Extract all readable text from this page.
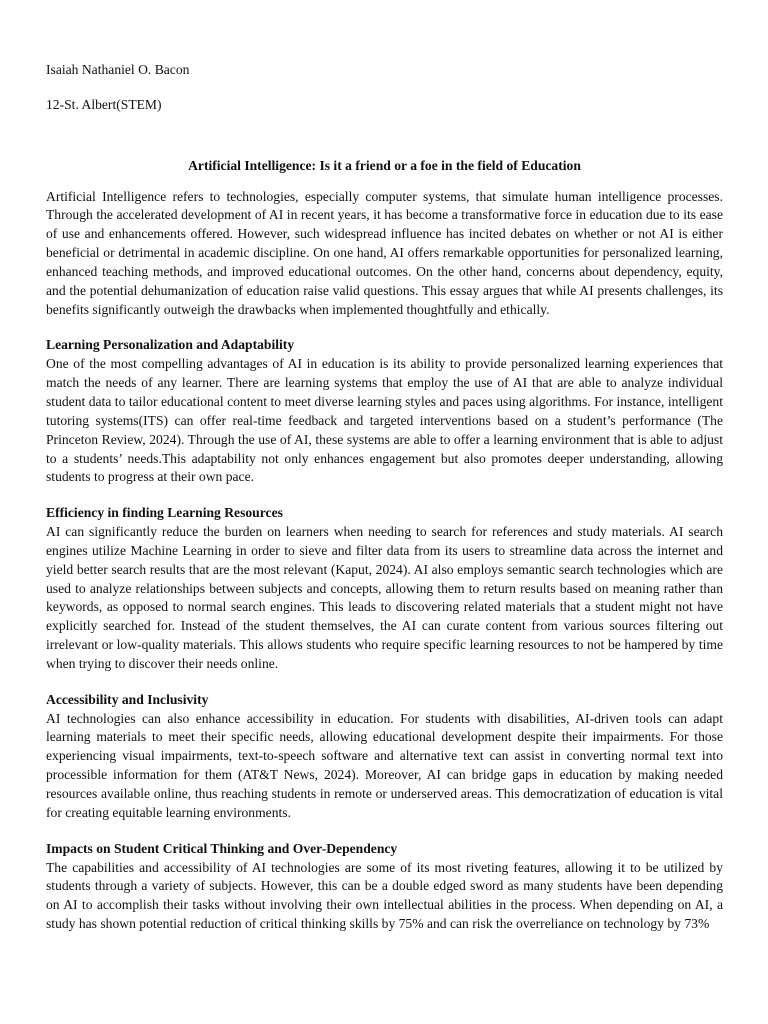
Isaiah Nathaniel O. Bacon

12-St. Albert(STEM)

Artificial Intelligence: Is it a friend or a foe in the field of Education

Artificial Intelligence refers to technologies, especially computer systems, that simulate human intelligence processes. Through the accelerated development of AI in recent years, it has become a transformative force in education due to its ease of use and enhancements offered. However, such widespread influence has incited debates on whether or not AI is either beneficial or detrimental in academic discipline. On one hand, AI offers remarkable opportunities for personalized learning, enhanced teaching methods, and improved educational outcomes. On the other hand, concerns about dependency, equity, and the potential dehumanization of education raise valid questions. This essay argues that while AI presents challenges, its benefits significantly outweigh the drawbacks when implemented thoughtfully and ethically.

Learning Personalization and Adaptability

One of the most compelling advantages of AI in education is its ability to provide personalized learning experiences that match the needs of any learner. There are learning systems that employ the use of AI that are able to analyze individual student data to tailor educational content to meet diverse learning styles and paces using algorithms. For instance, intelligent tutoring systems(ITS) can offer real-time feedback and targeted interventions based on a student’s performance (The Princeton Review, 2024). Through the use of AI, these systems are able to offer a learning environment that is able to adjust to a students’ needs.This adaptability not only enhances engagement but also promotes deeper understanding, allowing students to progress at their own pace.

Efficiency in finding Learning Resources

AI can significantly reduce the burden on learners when needing to search for references and study materials. AI search engines utilize Machine Learning in order to sieve and filter data from its users to streamline data across the internet and yield better search results that are the most relevant (Kaput, 2024). AI also employs semantic search technologies which are used to analyze relationships between subjects and concepts, allowing them to return results based on meaning rather than keywords, as opposed to normal search engines. This leads to discovering related materials that a student might not have explicitly searched for. Instead of the student themselves, the AI can curate content from various sources filtering out irrelevant or low-quality materials. This allows students who require specific learning resources to not be hampered by time when trying to discover their needs online.

Accessibility and Inclusivity

AI technologies can also enhance accessibility in education. For students with disabilities, AI-driven tools can adapt learning materials to meet their specific needs, allowing educational development despite their impairments. For those experiencing visual impairments, text-to-speech software and alternative text can assist in converting normal text into processible information for them (AT&T News, 2024). Moreover, AI can bridge gaps in education by making needed resources available online, thus reaching students in remote or underserved areas. This democratization of education is vital for creating equitable learning environments.

Impacts on Student Critical Thinking and Over-Dependency

The capabilities and accessibility of AI technologies are some of its most riveting features, allowing it to be utilized by students through a variety of subjects. However, this can be a double edged sword as many students have been depending on AI to accomplish their tasks without involving their own intellectual abilities in the process. When depending on AI, a study has shown potential reduction of critical thinking skills by 75% and can risk the overreliance on technology by 73%
